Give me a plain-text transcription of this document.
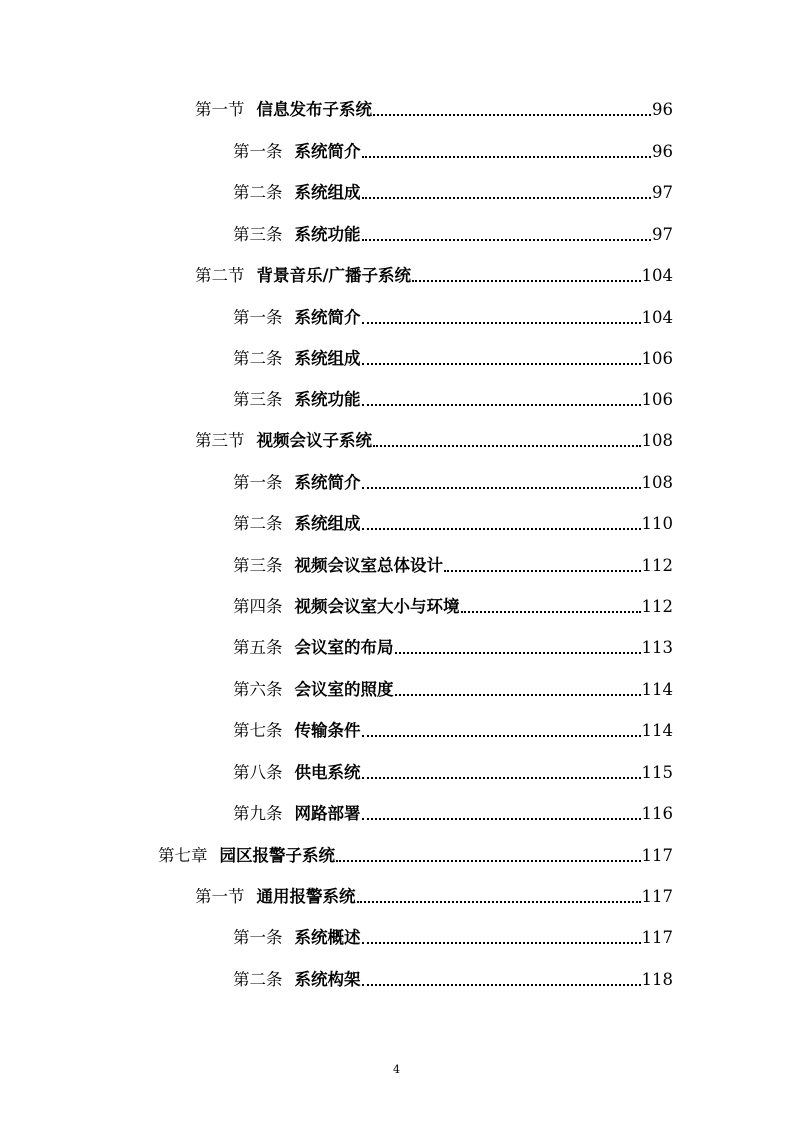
第一节 信息发布子系统	96
第一条 系统简介	96
第二条 系统组成	97
第三条 系统功能	97
第二节 背景音乐/广播子系统	104
第一条 系统简介	104
第二条 系统组成	106
第三条 系统功能	106
第三节 视频会议子系统	108
第一条 系统简介	108
第二条 系统组成	110
第三条 视频会议室总体设计	112
第四条 视频会议室大小与环境	112
第五条 会议室的布局	113
第六条 会议室的照度	114
第七条 传输条件	114
第八条 供电系统	115
第九条 网路部署	116
第七章 园区报警子系统	117
第一节 通用报警系统	117
第一条 系统概述	117
第二条 系统构架	118
4
